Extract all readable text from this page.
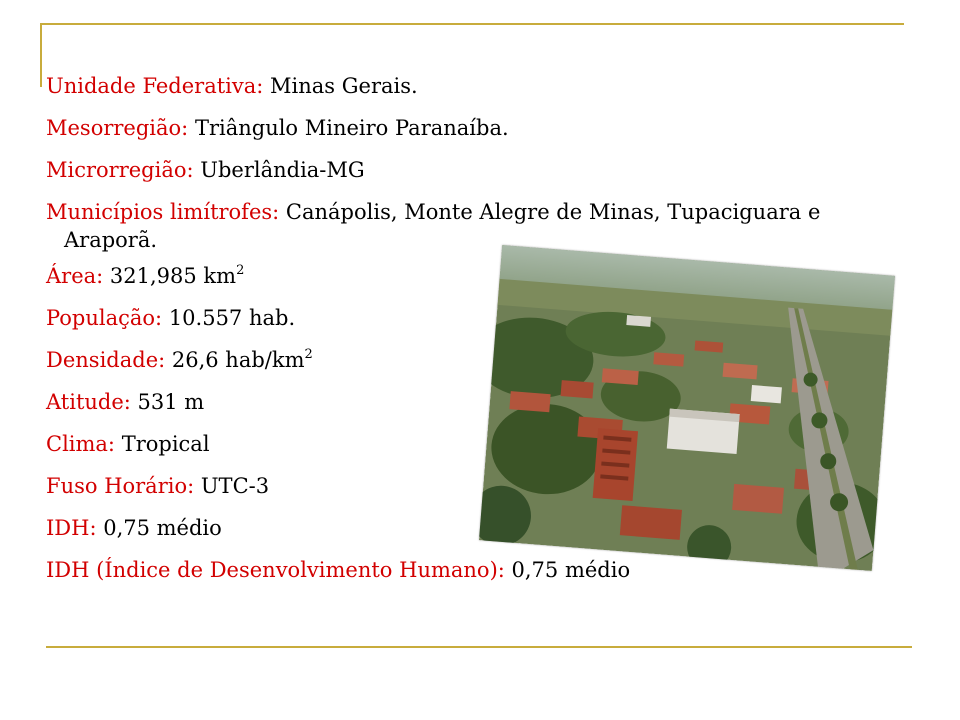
Unidade Federativa: Minas Gerais.
Mesorregião: Triângulo Mineiro Paranaíba.
Microrregião: Uberlândia-MG
Municípios limítrofes: Canápolis, Monte Alegre de Minas, Tupaciguara e
Araporã.
Área: 321,985 $km^2$
População: 10.557 hab.
Densidade: 26,6 hab/$km^2$
Atitude: 531 m
Clima: Tropical
Fuso Horário: UTC-3
IDH: 0,75 médio
IDH (Índice de Desenvolvimento Humano): 0,75 médio
